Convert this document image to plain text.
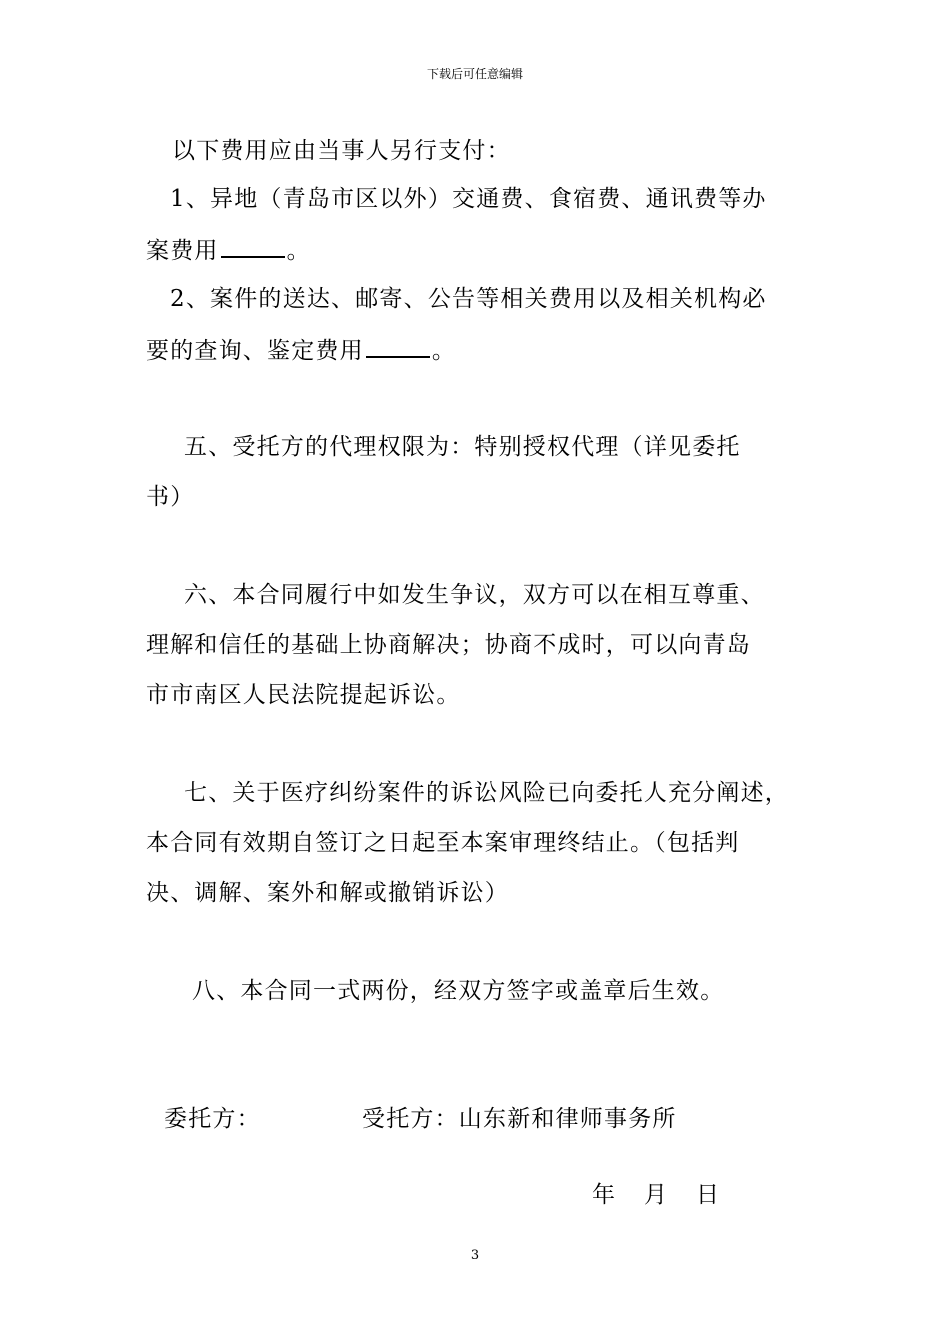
下载后可任意编辑
以下费用应由当事人另行支付：
1、异地（青岛市区以外）交通费、食宿费、通讯费等办
案费用	。
2、案件的送达、邮寄、公告等相关费用以及相关机构必
要的查询、鉴定费用	。
五、受托方的代理权限为：特别授权代理（详见委托
书）
六、本合同履行中如发生争议，双方可以在相互尊重、
理解和信任的基础上协商解决；协商不成时，可以向青岛
市市南区人民法院提起诉讼。
七、关于医疗纠纷案件的诉讼风险已向委托人充分阐述，
本合同有效期自签订之日起至本案审理终结止。（包括判
决、调解、案外和解或撤销诉讼）
八、本合同一式两份，经双方签字或盖章后生效。
委托方：	受托方：山东新和律师事务所
年 月 日
3
